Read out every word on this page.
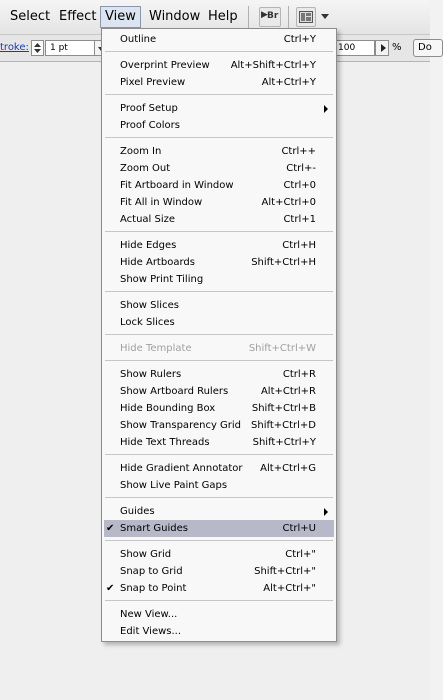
Select Effect View	Window Help	▶ Br
troke:	1 pt	100	%	Do
Outline	Ctrl+Y
Overprint Preview Alt+Shift+Ctrl+Y
Pixel Preview	Alt+Ctrl+Y
Proof Setup
Proof Colors
Zoom In	Ctrl++
Zoom Out	Ctrl+-
Fit Artboard in Window	Ctrl+0
Fit All in Window	Alt+Ctrl+0
Actual Size	Ctrl+1
Hide Edges	Ctrl+H
Hide Artboards	Shift+Ctrl+H
Show Print Tiling
Show Slices
Lock Slices
Hide Template	Shift+Ctrl+W
Show Rulers	Ctrl+R
Show Artboard Rulers	Alt+Ctrl+R
Hide Bounding Box	Shift+Ctrl+B
Show Transparency Grid Shift+Ctrl+D
Hide Text Threads	Shift+Ctrl+Y
Hide Gradient Annotator Alt+Ctrl+G
Show Live Paint Gaps
Guides
✔ Smart Guides	Ctrl+U
Show Grid	Ctrl+"
Snap to Grid	Shift+Ctrl+"
✔ Snap to Point	Alt+Ctrl+"
New View...
Edit Views...
